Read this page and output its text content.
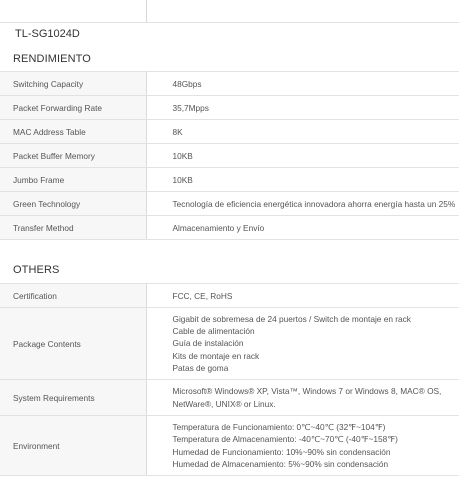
TL-SG1024D
RENDIMIENTO
Switching Capacity	48Gbps
Packet Forwarding Rate	35,7Mpps
MAC Address Table	8K
Packet Buffer Memory	10KB
Jumbo Frame	10KB
Green Technology	Tecnología de eficiencia energética innovadora ahorra energía hasta un 25%
Transfer Method	Almacenamiento y Envío
OTHERS
Certification	FCC, CE, RoHS
Package Contents	Gigabit de sobremesa de 24 puertos / Switch de montaje en rack
Cable de alimentación
Guía de instalación
Kits de montaje en rack
Patas de goma

System Requirements	Microsoft® Windows® XP, Vista™, Windows 7 or Windows 8, MAC® OS,
NetWare®, UNIX® or Linux.

Environment	Temperatura de Funcionamiento: 0℃~40℃ (32℉~104℉)
Temperatura de Almacenamiento: -40℃~70℃ (-40℉~158℉)
Humedad de Funcionamiento: 10%~90% sin condensación
Humedad de Almacenamiento: 5%~90% sin condensación
